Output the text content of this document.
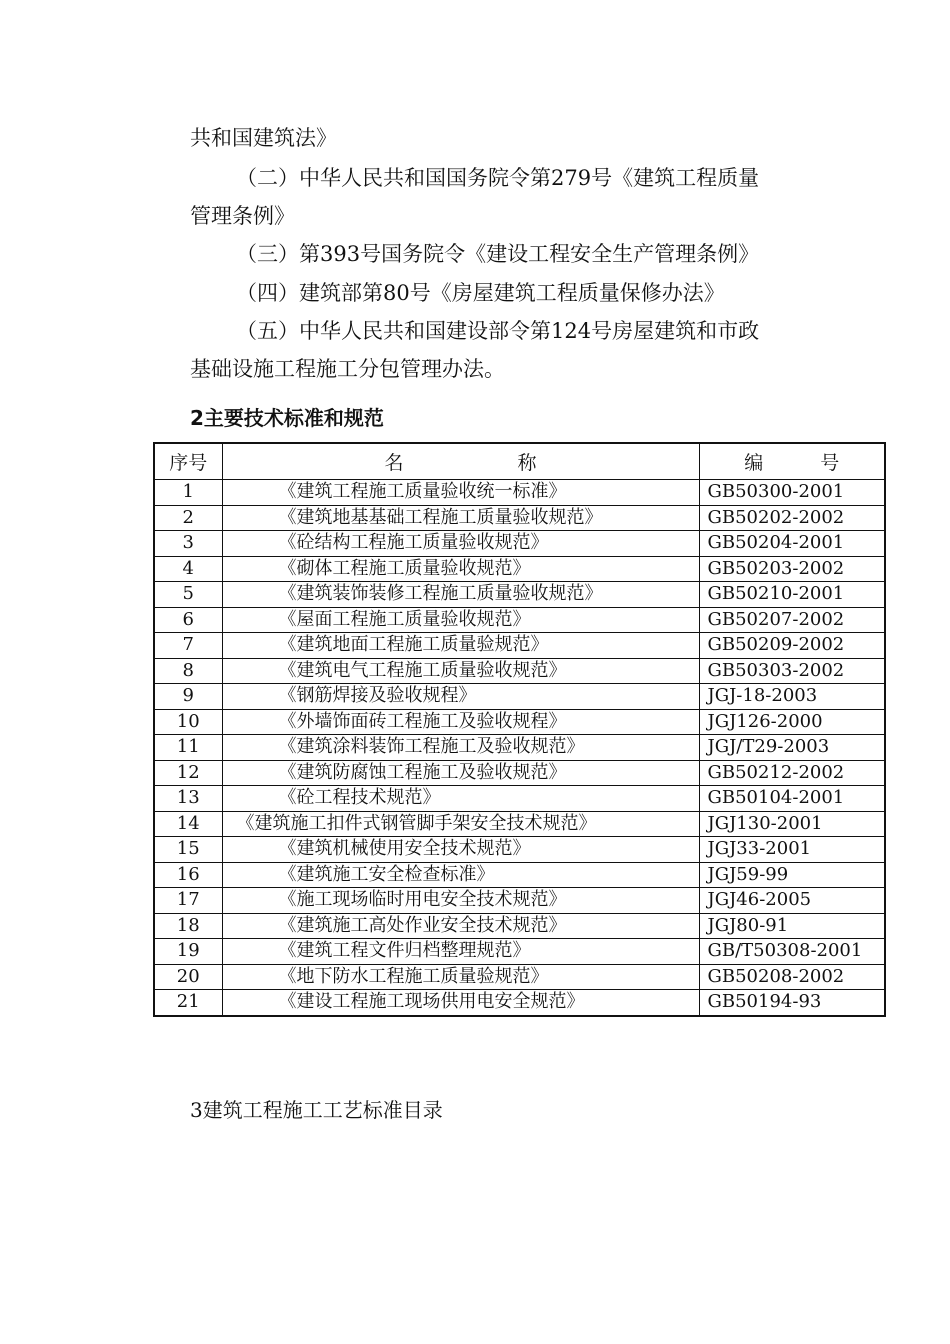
共和国建筑法》
（二）中华人民共和国国务院令第279号《建筑工程质量
管理条例》
（三）第393号国务院令《建设工程安全生产管理条例》
（四）建筑部第80号《房屋建筑工程质量保修办法》
（五）中华人民共和国建设部令第124号房屋建筑和市政
基础设施工程施工分包管理办法。
2主要技术标准和规范
序号	名　　　　　　称	编　　　号
1	《建筑工程施工质量验收统一标准》	GB50300-2001
2	《建筑地基基础工程施工质量验收规范》	GB50202-2002
3	《砼结构工程施工质量验收规范》	GB50204-2001
4	《砌体工程施工质量验收规范》	GB50203-2002
5	《建筑装饰装修工程施工质量验收规范》	GB50210-2001
6	《屋面工程施工质量验收规范》	GB50207-2002
7	《建筑地面工程施工质量验规范》	GB50209-2002
8	《建筑电气工程施工质量验收规范》	GB50303-2002
9	《钢筋焊接及验收规程》	JGJ-18-2003
10	《外墙饰面砖工程施工及验收规程》	JGJ126-2000
11	《建筑涂料装饰工程施工及验收规范》	JGJ/T29-2003
12	《建筑防腐蚀工程施工及验收规范》	GB50212-2002
13	《砼工程技术规范》	GB50104-2001
14	《建筑施工扣件式钢管脚手架安全技术规范》	JGJ130-2001
15	《建筑机械使用安全技术规范》	JGJ33-2001
16	《建筑施工安全检查标准》	JGJ59-99
17	《施工现场临时用电安全技术规范》	JGJ46-2005
18	《建筑施工高处作业安全技术规范》	JGJ80-91
19	《建筑工程文件归档整理规范》	GB/T50308-2001
20	《地下防水工程施工质量验规范》	GB50208-2002
21	《建设工程施工现场供用电安全规范》	GB50194-93
3建筑工程施工工艺标准目录
